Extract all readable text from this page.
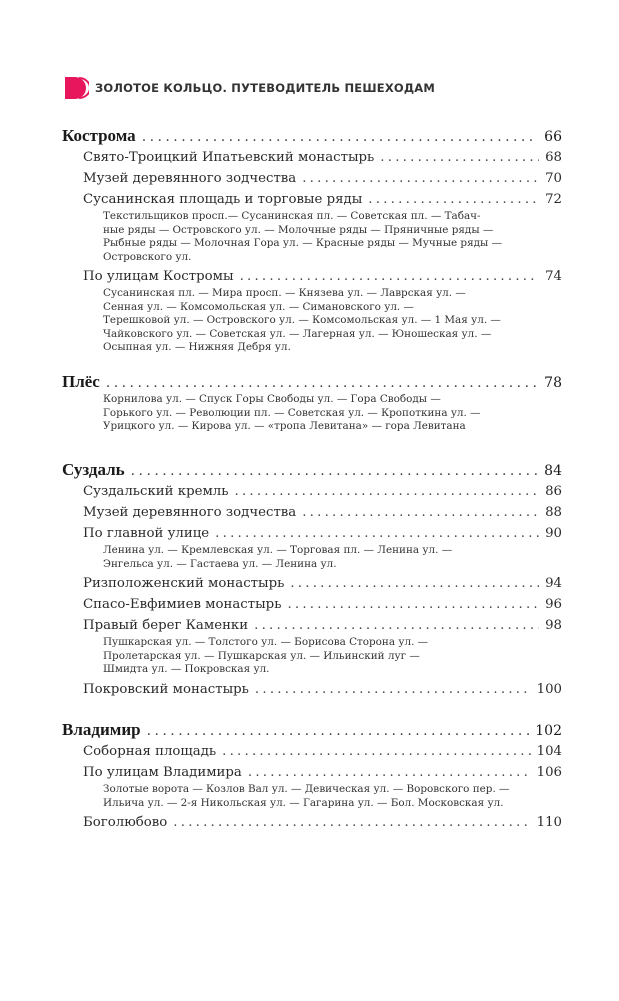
ЗОЛОТОЕ КОЛЬЦО. ПУТЕВОДИТЕЛЬ ПЕШЕХОДАМ
Кострома . . .	66
Свято-Троицкий Ипатьевский монастырь . . .	68
Музей деревянного зодчества . . .	70
Сусанинская площадь и торговые ряды . . .	72
Текстильщиков просп.— Сусанинская пл. — Советская пл. — Табач-
ные ряды — Островского ул. — Молочные ряды — Пряничные ряды —
Рыбные ряды — Молочная Гора ул. — Красные ряды — Мучные ряды —
Островского ул.
По улицам Костромы . . .	74
Сусанинская пл. — Мира просп. — Князева ул. — Лаврская ул. —
Сенная ул. — Комсомольская ул. — Симановского ул. —
Терешковой ул. — Островского ул. — Комсомольская ул. — 1 Мая ул. —
Чайковского ул. — Советская ул. — Лагерная ул. — Юношеская ул. —
Осыпная ул. — Нижняя Дебря ул.
Плёс . . .	78
Корнилова ул. — Спуск Горы Свободы ул. — Гора Свободы —
Горького ул. — Революции пл. — Советская ул. — Кропоткина ул. —
Урицкого ул. — Кирова ул. — «тропа Левитана» — гора Левитана
Суздаль . . .	84
Суздальский кремль . . .	86
Музей деревянного зодчества . . .	88
По главной улице . . .	90
Ленина ул. — Кремлевская ул. — Торговая пл. — Ленина ул. —
Энгельса ул. — Гастаева ул. — Ленина ул.
Ризположенский монастырь . . .	94
Спасо-Евфимиев монастырь . . .	96
Правый берег Каменки . . .	98
Пушкарская ул. — Толстого ул. — Борисова Сторона ул. —
Пролетарская ул. — Пушкарская ул. — Ильинский луг —
Шмидта ул. — Покровская ул.
Покровский монастырь . . .	100
Владимир . . .	102
Соборная площадь . . .	104
По улицам Владимира . . .	106
Золотые ворота — Козлов Вал ул. — Девическая ул. — Воровского пер. —
Ильича ул. — 2-я Никольская ул. — Гагарина ул. — Бол. Московская ул.
Боголюбово . . .	110
